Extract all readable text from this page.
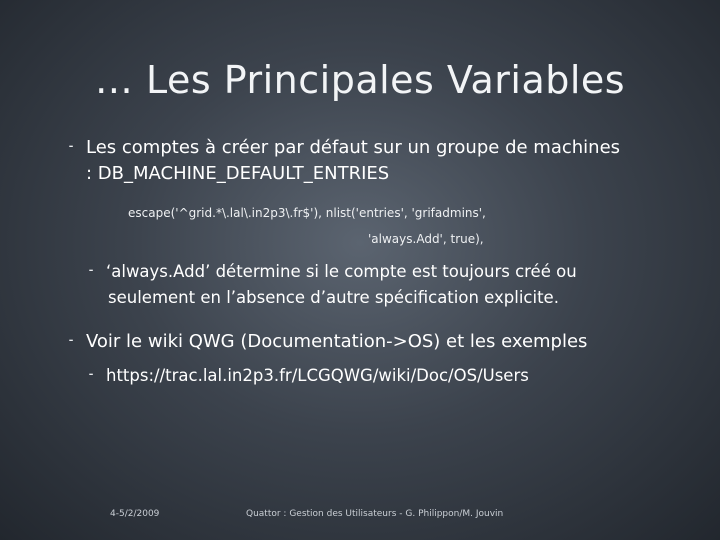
… Les Principales Variables
⁃ Les comptes à créer par défaut sur un groupe de machines
: DB_MACHINE_DEFAULT_ENTRIES
escape('^grid.*\.lal\.in2p3\.fr$'), nlist('entries', 'grifadmins',
'always.Add', true),
⁃ ‘always.Add’ détermine si le compte est toujours créé ou
seulement en l’absence d’autre spécification explicite.
⁃ Voir le wiki QWG (Documentation->OS) et les exemples
⁃ https://trac.lal.in2p3.fr/LCGQWG/wiki/Doc/OS/Users
4-5/2/2009	Quattor : Gestion des Utilisateurs - G. Philippon/M. Jouvin
